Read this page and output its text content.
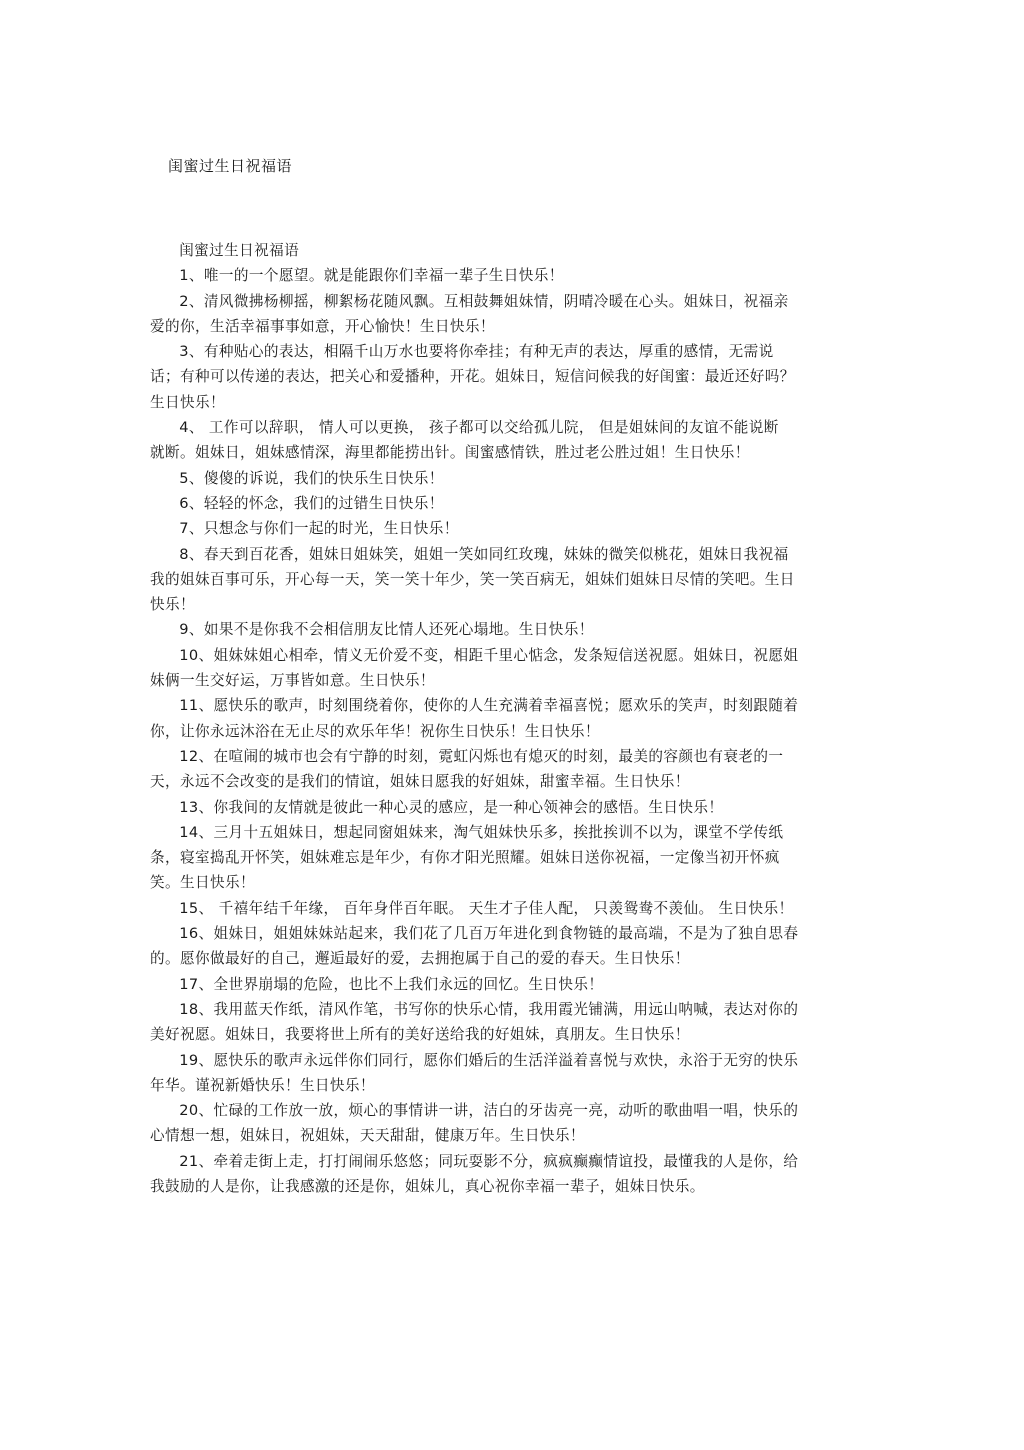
闺蜜过生日祝福语

闺蜜过生日祝福语

1、唯一的一个愿望。就是能跟你们幸福一辈子生日快乐！

2、清风微拂杨柳摇，柳絮杨花随风飘。互相鼓舞姐妹情，阴晴冷暖在心头。姐妹日，祝福亲爱的你，生活幸福事事如意，开心愉快！生日快乐！

3、有种贴心的表达，相隔千山万水也要将你牵挂；有种无声的表达，厚重的感情，无需说话；有种可以传递的表达，把关心和爱播种，开花。姐妹日，短信问候我的好闺蜜：最近还好吗？生日快乐！

4、 工作可以辞职， 情人可以更换， 孩子都可以交给孤儿院， 但是姐妹间的友谊不能说断

就断。姐妹日，姐妹感情深，海里都能捞出针。闺蜜感情铁，胜过老公胜过姐！生日快乐！

5、傻傻的诉说，我们的快乐生日快乐！

6、轻轻的怀念，我们的过错生日快乐！

7、只想念与你们一起的时光，生日快乐！

8、春天到百花香，姐妹日姐妹笑，姐姐一笑如同红玫瑰，妹妹的微笑似桃花，姐妹日我祝福我的姐妹百事可乐，开心每一天，笑一笑十年少，笑一笑百病无，姐妹们姐妹日尽情的笑吧。生日快乐！

9、如果不是你我不会相信朋友比情人还死心塌地。生日快乐！

10、姐妹妹姐心相牵，情义无价爱不变，相距千里心惦念，发条短信送祝愿。姐妹日，祝愿姐妹俩一生交好运，万事皆如意。生日快乐！

11、愿快乐的歌声，时刻围绕着你，使你的人生充满着幸福喜悦；愿欢乐的笑声，时刻跟随着你，让你永远沐浴在无止尽的欢乐年华！祝你生日快乐！生日快乐！

12、在喧闹的城市也会有宁静的时刻，霓虹闪烁也有熄灭的时刻，最美的容颜也有衰老的一天，永远不会改变的是我们的情谊，姐妹日愿我的好姐妹，甜蜜幸福。生日快乐！

13、你我间的友情就是彼此一种心灵的感应，是一种心领神会的感悟。生日快乐！

14、三月十五姐妹日，想起同窗姐妹来，淘气姐妹快乐多，挨批挨训不以为，课堂不学传纸条，寝室捣乱开怀笑，姐妹难忘是年少，有你才阳光照耀。姐妹日送你祝福，一定像当初开怀疯笑。生日快乐！

15、 千禧年结千年缘， 百年身伴百年眠。 天生才子佳人配， 只羡鸳鸯不羡仙。 生日快乐！

16、姐妹日，姐姐妹妹站起来，我们花了几百万年进化到食物链的最高端，不是为了独自思春的。愿你做最好的自己，邂逅最好的爱，去拥抱属于自己的爱的春天。生日快乐！

17、全世界崩塌的危险，也比不上我们永远的回忆。生日快乐！

18、我用蓝天作纸，清风作笔，书写你的快乐心情，我用霞光铺满，用远山呐喊，表达对你的美好祝愿。姐妹日，我要将世上所有的美好送给我的好姐妹，真朋友。生日快乐！

19、愿快乐的歌声永远伴你们同行，愿你们婚后的生活洋溢着喜悦与欢快，永浴于无穷的快乐年华。谨祝新婚快乐！生日快乐！

20、忙碌的工作放一放，烦心的事情讲一讲，洁白的牙齿亮一亮，动听的歌曲唱一唱，快乐的心情想一想，姐妹日，祝姐妹，天天甜甜，健康万年。生日快乐！

21、牵着走街上走，打打闹闹乐悠悠；同玩耍影不分，疯疯癫癫情谊投，最懂我的人是你，给我鼓励的人是你，让我感激的还是你，姐妹儿，真心祝你幸福一辈子，姐妹日快乐。
